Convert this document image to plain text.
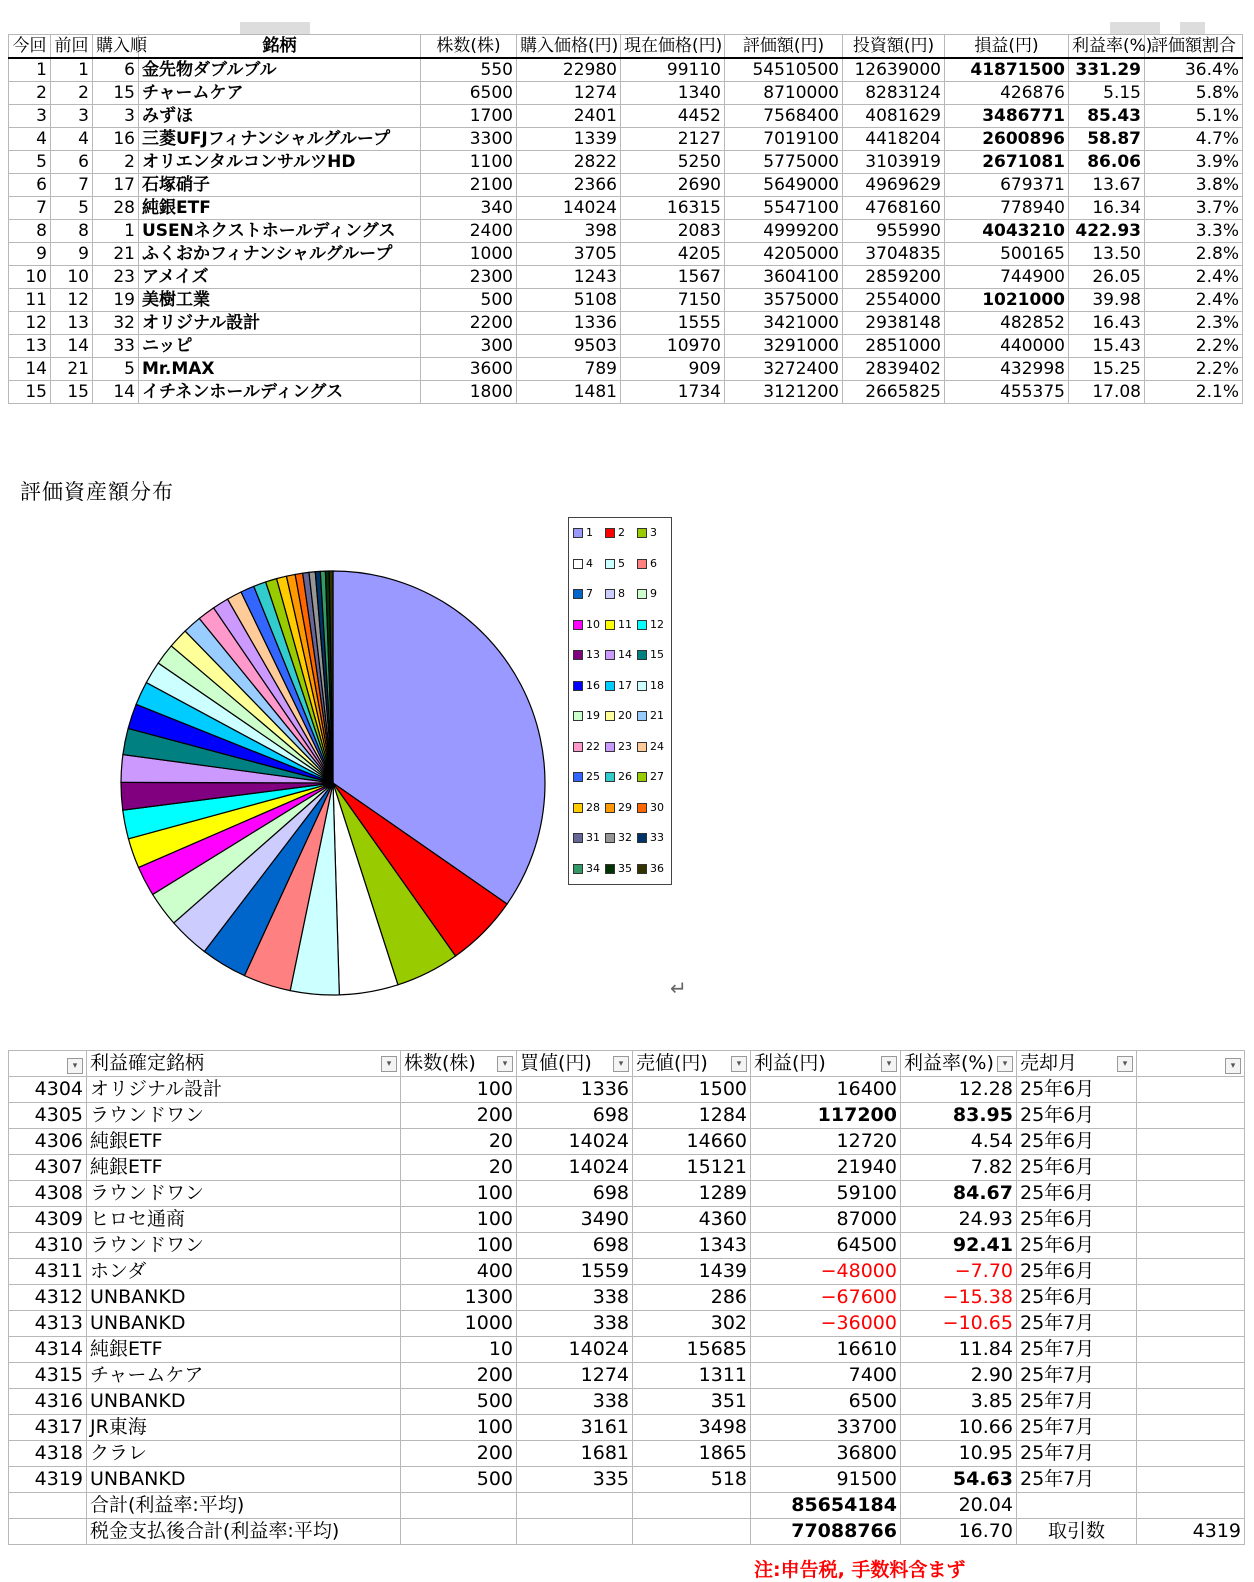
今回	前回	購入順	銘柄	株数(株)	購入価格(円)	現在価格(円)	評価額(円)	投資額(円)	損益(円)	利益率(%)	評価額割合
1	1	6	金先物ダブルブル	550	22980	99110	54510500	12639000	41871500	331.29	36.4%
2	2	15	チャームケア	6500	1274	1340	8710000	8283124	426876	5.15	5.8%
3	3	3	みずほ	1700	2401	4452	7568400	4081629	3486771	85.43	5.1%
4	4	16	三菱UFJフィナンシャルグループ	3300	1339	2127	7019100	4418204	2600896	58.87	4.7%
5	6	2	オリエンタルコンサルツHD	1100	2822	5250	5775000	3103919	2671081	86.06	3.9%
6	7	17	石塚硝子	2100	2366	2690	5649000	4969629	679371	13.67	3.8%
7	5	28	純銀ETF	340	14024	16315	5547100	4768160	778940	16.34	3.7%
8	8	1	USENネクストホールディングス	2400	398	2083	4999200	955990	4043210	422.93	3.3%
9	9	21	ふくおかフィナンシャルグループ	1000	3705	4205	4205000	3704835	500165	13.50	2.8%
10	10	23	アメイズ	2300	1243	1567	3604100	2859200	744900	26.05	2.4%
11	12	19	美樹工業	500	5108	7150	3575000	2554000	1021000	39.98	2.4%
12	13	32	オリジナル設計	2200	1336	1555	3421000	2938148	482852	16.43	2.3%
13	14	33	ニッピ	300	9503	10970	3291000	2851000	440000	15.43	2.2%
14	21	5	Mr.MAX	3600	789	909	3272400	2839402	432998	15.25	2.2%
15	15	14	イチネンホールディングス	1800	1481	1734	3121200	2665825	455375	17.08	2.1%
評価資産額分布
1 2 3
4 5 6
7 8 9
10 11 12
13 14 15
16 17 18
19 20 21
22 23 24
25 26 27
28 29 30
31 32 33
34 35 36
↵
▾	利益確定銘柄 ▾	株数(株) ▾	買値(円) ▾	売値(円) ▾	利益(円) ▾	利益率(%) ▾	売却月 ▾	▾

4304	オリジナル設計	100	1336	1500	16400	12.28	25年6月	
4305	ラウンドワン	200	698	1284	117200	83.95	25年6月	
4306	純銀ETF	20	14024	14660	12720	4.54	25年6月	
4307	純銀ETF	20	14024	15121	21940	7.82	25年6月	
4308	ラウンドワン	100	698	1289	59100	84.67	25年6月	
4309	ヒロセ通商	100	3490	4360	87000	24.93	25年6月	
4310	ラウンドワン	100	698	1343	64500	92.41	25年6月	
4311	ホンダ	400	1559	1439	−48000	−7.70	25年6月	
4312	UNBANKD	1300	338	286	−67600	−15.38	25年6月	
4313	UNBANKD	1000	338	302	−36000	−10.65	25年7月	
4314	純銀ETF	10	14024	15685	16610	11.84	25年7月	
4315	チャームケア	200	1274	1311	7400	2.90	25年7月	
4316	UNBANKD	500	338	351	6500	3.85	25年7月	
4317	JR東海	100	3161	3498	33700	10.66	25年7月	
4318	クラレ	200	1681	1865	36800	10.95	25年7月	
4319	UNBANKD	500	335	518	91500	54.63	25年7月	
	合計(利益率:平均)				85654184	20.04		
	税金支払後合計(利益率:平均)				77088766	16.70	取引数	4319
注:申告税, 手数料含まず
